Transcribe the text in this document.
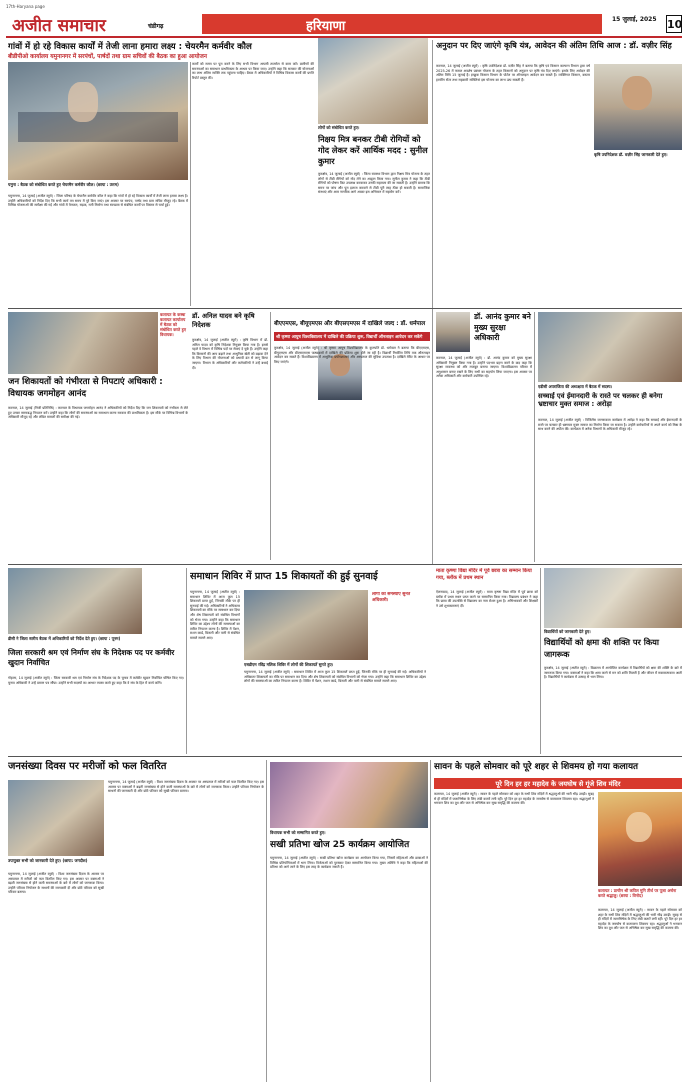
17th-Haryana page
अजीत समाचार	चंडीगढ़	हरियाणा	15 जुलाई, 2025 10
गांवों में हो रहे विकास कार्यों में तेजी लाना हमारा लक्ष्य : चेयरमैन कर्मवीर कौल
बीडीपीओ कार्यालय यमुनानगर में सरपंचों, पार्षदों तथा ग्राम सचिवों की बैठक का हुआ आयोजन
यमुना : बैठक को संबोधित करते हुए चेयरमैन कर्मवीर कौल। (छाया : उत्तम)
यमुनानगर, 14 जुलाई (अजीत ब्यूरो) : जिला परिषद के चेयरमैन कर्मवीर कौल ने कहा कि गांवों में हो रहे विकास कार्यों में तेजी लाना हमारा लक्ष्य है। उन्होंने अधिकारियों को निर्देश दिए कि सभी कार्य तय समय में पूरे किए जाएं। इस अवसर पर सरपंच, पार्षद तथा ग्राम सचिव मौजूद रहे। बैठक में विभिन्न योजनाओं की समीक्षा की गई और गांवों में पेयजल, सड़क, गली निर्माण तथा स्वच्छता से संबंधित कार्यों पर विस्तार से चर्चा हुई।
लोगों को संबोधित करते हुए।
कार्यों को समय पर पूरा करने के लिए सभी विभाग आपसी तालमेल से काम करें। ग्रामीणों की समस्याओं का समाधान प्राथमिकता के आधार पर किया जाए। उन्होंने कहा कि सरकार की योजनाओं का लाभ अंतिम व्यक्ति तक पहुंचना चाहिए। बैठक में अधिकारियों ने विभिन्न विकास कार्यों की प्रगति रिपोर्ट प्रस्तुत की।
निक्षय मित्र बनकर टीबी रोगियों को गोद लेकर करें आर्थिक मदद : सुनील कुमार
कुरुक्षेत्र, 14 जुलाई (अजीत ब्यूरो) : जिला स्वास्थ्य विभाग द्वारा निक्षय मित्र योजना के तहत लोगों से टीबी रोगियों को गोद लेने का आह्वान किया गया। सुनील कुमार ने कहा कि टीबी रोगियों को पोषण किट उपलब्ध करवाकर उनकी सहायता की जा सकती है। उन्होंने बताया कि समय पर जांच और पूरा इलाज करवाने से टीबी पूरी तरह ठीक हो सकती है। सामाजिक संस्थाएं और आम नागरिक आगे आकर इस अभियान में सहयोग करें।
अनुदान पर दिए जाएंगे कृषि यंत्र, आवेदन की अंतिम तिथि आज : डॉ. वज़ीर सिंह
कृषि उपनिदेशक डॉ. वज़ीर सिंह जानकारी देते हुए।
करनाल, 14 जुलाई (अजीत ब्यूरो) : कृषि उपनिदेशक डॉ. वज़ीर सिंह ने बताया कि कृषि एवं किसान कल्याण विभाग द्वारा वर्ष 2025-26 में फसल अवशेष प्रबंधन योजना के तहत किसानों को अनुदान पर कृषि यंत्र दिए जाएंगे। इसके लिए आवेदन की अंतिम तिथि 15 जुलाई है। इच्छुक किसान विभाग के पोर्टल पर ऑनलाइन आवेदन कर सकते हैं। व्यक्तिगत किसान, कस्टम हायरिंग सेंटर तथा सहकारी समितियां इस योजना का लाभ उठा सकती हैं।
कलायत के कस्बा कलायत कार्यालय में बैठक को संबोधित करते हुए विधायक।
जन शिकायतों को गंभीरता से निपटाएं अधिकारी : विधायक जगमोहन आनंद
करनाल, 14 जुलाई (निजी प्रतिनिधि) : करनाल के विधायक जगमोहन आनंद ने अधिकारियों को निर्देश दिए कि जन शिकायतों को गंभीरता से लेते हुए उनका समयबद्ध निपटान करें। उन्होंने कहा कि लोगों की समस्याओं का समाधान करना सरकार की प्राथमिकता है। इस मौके पर विभिन्न विभागों के अधिकारी मौजूद रहे और लंबित मामलों की समीक्षा की गई।
डॉ. अनिल यादव बने कृषि निदेशक
कुरुक्षेत्र, 14 जुलाई (अजीत ब्यूरो) : कृषि विभाग में डॉ. अनिल यादव को कृषि निदेशक नियुक्त किया गया है। इससे पहले वे विभाग में विभिन्न पदों पर सेवाएं दे चुके हैं। उन्होंने कहा कि किसानों की आय बढ़ाने तथा आधुनिक खेती को बढ़ावा देने के लिए विभाग की योजनाओं को प्रभावी ढंग से लागू किया जाएगा। विभाग के अधिकारियों और कर्मचारियों ने उन्हें बधाई दी।
बीएएमएस, बीयूएमएस और बीएसएमएस में दाखिले जल्द : डॉ. धर्मपाल
श्री कृष्णा आयुष विश्वविद्यालय में दाखिले की प्रक्रिया शुरू, विद्यार्थी ऑनलाइन आवेदन कर सकेंगे
कुरुक्षेत्र, 14 जुलाई (अजीत ब्यूरो) : श्री कृष्णा आयुष विश्वविद्यालय के कुलपति डॉ. धर्मपाल ने बताया कि बीएएमएस, बीयूएमएस और बीएसएमएस पाठ्यक्रमों में दाखिले की प्रक्रिया शुरू होने जा रही है। विद्यार्थी निर्धारित तिथि तक ऑनलाइन आवेदन कर सकते हैं। विश्वविद्यालय में आधुनिक प्रयोगशालाएं और अस्पताल की सुविधा उपलब्ध है। दाखिले मेरिट के आधार पर किए जाएंगे।
डॉ. आनंद कुमार बने मुख्य सुरक्षा अधिकारी
करनाल, 14 जुलाई (अजीत ब्यूरो) : डॉ. आनंद कुमार को मुख्य सुरक्षा अधिकारी नियुक्त किया गया है। उन्होंने पदभार ग्रहण करने के बाद कहा कि सुरक्षा व्यवस्था को और मजबूत बनाया जाएगा। विश्वविद्यालय परिसर में अनुशासन बनाए रखने के लिए सभी का सहयोग लिया जाएगा। इस अवसर पर अनेक अधिकारी और कर्मचारी उपस्थित रहे।
एडीसी अपराजिता की अध्यक्षता में बैठक में सदस्य।
सच्चाई एवं ईमानदारी के रास्ते पर चलकर ही बनेगा भ्रष्टाचार मुक्त समाज : अरोड़ा
करनाल, 14 जुलाई (अजीत ब्यूरो) : विजिलेंस जागरूकता कार्यक्रम में अरोड़ा ने कहा कि सच्चाई और ईमानदारी के रास्ते पर चलकर ही भ्रष्टाचार मुक्त समाज का निर्माण किया जा सकता है। उन्होंने कर्मचारियों से अपने कार्य को निष्ठा के साथ करने की अपील की। कार्यक्रम में अनेक विभागों के अधिकारी मौजूद रहे।
डीसी ने जिला स्तरीय बैठक में अधिकारियों को निर्देश देते हुए। (छाया : पूनम)
जिला सरकारी श्रम एवं निर्माण संघ के निदेशक पद पर कर्मवीर खुदान निर्वाचित
गोहाना, 14 जुलाई (अजीत ब्यूरो) : जिला सरकारी श्रम एवं निर्माण संघ के निदेशक पद के चुनाव में कर्मवीर खुदान निर्वाचित घोषित किए गए। चुनाव अधिकारी ने उन्हें प्रमाण पत्र सौंपा। उन्होंने सभी सदस्यों का आभार व्यक्त करते हुए कहा कि वे संघ के हित में कार्य करेंगे।
समाधान शिविर में प्राप्त 15 शिकायतों की हुई सुनवाई
एसडीएम रविंद्र मलिक शिविर में लोगों की शिकायतें सुनते हुए।
लोगों की समस्याएं सुनते अधिकारी।
यमुनानगर, 14 जुलाई (अजीत ब्यूरो) : समाधान शिविर में आज कुल 15 शिकायतें प्राप्त हुईं, जिनकी मौके पर ही सुनवाई की गई। अधिकारियों ने अधिकतर शिकायतों का मौके पर समाधान कर दिया और शेष शिकायतों को संबंधित विभागों को भेजा गया। उन्होंने कहा कि समाधान शिविर का उद्देश्य लोगों की समस्याओं का त्वरित निपटान करना है। शिविर में पेंशन, राशन कार्ड, बिजली और पानी से संबंधित मामले सामने आए।
यमुनानगर, 14 जुलाई (अजीत ब्यूरो) : समाधान शिविर में आज कुल 15 शिकायतें प्राप्त हुईं, जिनकी मौके पर ही सुनवाई की गई। अधिकारियों ने अधिकतर शिकायतों का मौके पर समाधान कर दिया और शेष शिकायतों को संबंधित विभागों को भेजा गया। उन्होंने कहा कि समाधान शिविर का उद्देश्य लोगों की समस्याओं का त्वरित निपटान करना है। शिविर में पेंशन, राशन कार्ड, बिजली और पानी से संबंधित मामले सामने आए।
माता कृष्णा विद्या मंदिर में पूर्व छात्रा का सम्मान किया गया, ब्लॉक में प्रथम स्थान
ऐलनाबाद, 14 जुलाई (अजीत ब्यूरो) : माता कृष्णा विद्या मंदिर में पूर्व छात्रा को ब्लॉक में प्रथम स्थान प्राप्त करने पर सम्मानित किया गया। विद्यालय प्रबंधन ने कहा कि छात्रा की उपलब्धि से विद्यालय का नाम रोशन हुआ है। अभिभावकों और शिक्षकों ने उसे शुभकामनाएं दीं।
विद्यार्थियों को जानकारी देते हुए।
विद्यार्थियों को क्षमा की शक्ति पर किया जागरूक
कुरुक्षेत्र, 14 जुलाई (अजीत ब्यूरो) : विद्यालय में आयोजित कार्यक्रम में विद्यार्थियों को क्षमा की शक्ति के बारे में जागरूक किया गया। वक्ताओं ने कहा कि क्षमा करने से मन को शांति मिलती है और जीवन में सकारात्मकता आती है। विद्यार्थियों ने कार्यक्रम में उत्साह से भाग लिया।
जनसंख्या दिवस पर मरीजों को फल वितरित
उपायुक्त सभी को जानकारी देते हुए। (छाया: जगदीश)
यमुनानगर, 14 जुलाई (अजीत ब्यूरो) : विश्व जनसंख्या दिवस के अवसर पर अस्पताल में मरीजों को फल वितरित किए गए। इस अवसर पर वक्ताओं ने बढ़ती जनसंख्या से होने वाली समस्याओं के बारे में लोगों को जागरूक किया। उन्होंने परिवार नियोजन के साधनों की जानकारी दी और छोटे परिवार को सुखी परिवार बताया।
यमुनानगर, 14 जुलाई (अजीत ब्यूरो) : विश्व जनसंख्या दिवस के अवसर पर अस्पताल में मरीजों को फल वितरित किए गए। इस अवसर पर वक्ताओं ने बढ़ती जनसंख्या से होने वाली समस्याओं के बारे में लोगों को जागरूक किया। उन्होंने परिवार नियोजन के साधनों की जानकारी दी और छोटे परिवार को सुखी परिवार बताया।
विधायक सभी को सम्मानित करते हुए।
सखी प्रतिभा खोज 25 कार्यक्रम आयोजित
यमुनानगर, 14 जुलाई (अजीत ब्यूरो) : सखी प्रतिभा खोज कार्यक्रम का आयोजन किया गया, जिसमें महिलाओं और छात्राओं ने विभिन्न प्रतियोगिताओं में भाग लिया। विजेताओं को पुरस्कार देकर सम्मानित किया गया। मुख्य अतिथि ने कहा कि महिलाओं की प्रतिभा को आगे लाने के लिए इस तरह के कार्यक्रम जरूरी हैं।
सावन के पहले सोमवार को पूरे शहर से शिवमय हो गया कलायत
पूरे दिन हर हर महादेव के जयघोष से गूंजे शिव मंदिर
कलायत, 14 जुलाई (अजीत ब्यूरो) : सावन के पहले सोमवार को शहर के सभी शिव मंदिरों में श्रद्धालुओं की भारी भीड़ उमड़ी। सुबह से ही मंदिरों में जलाभिषेक के लिए लंबी कतारें लगी रहीं। पूरे दिन हर हर महादेव के जयघोष से वातावरण शिवमय रहा। श्रद्धालुओं ने भगवान शिव का दूध और जल से अभिषेक कर सुख समृद्धि की कामना की।
कलायत : प्राचीन श्री कपिल मुनि तीर्थ पर पूजा अर्चना करते श्रद्धालु। (छाया : विनोद)
कलायत, 14 जुलाई (अजीत ब्यूरो) : सावन के पहले सोमवार को शहर के सभी शिव मंदिरों में श्रद्धालुओं की भारी भीड़ उमड़ी। सुबह से ही मंदिरों में जलाभिषेक के लिए लंबी कतारें लगी रहीं। पूरे दिन हर हर महादेव के जयघोष से वातावरण शिवमय रहा। श्रद्धालुओं ने भगवान शिव का दूध और जल से अभिषेक कर सुख समृद्धि की कामना की।
